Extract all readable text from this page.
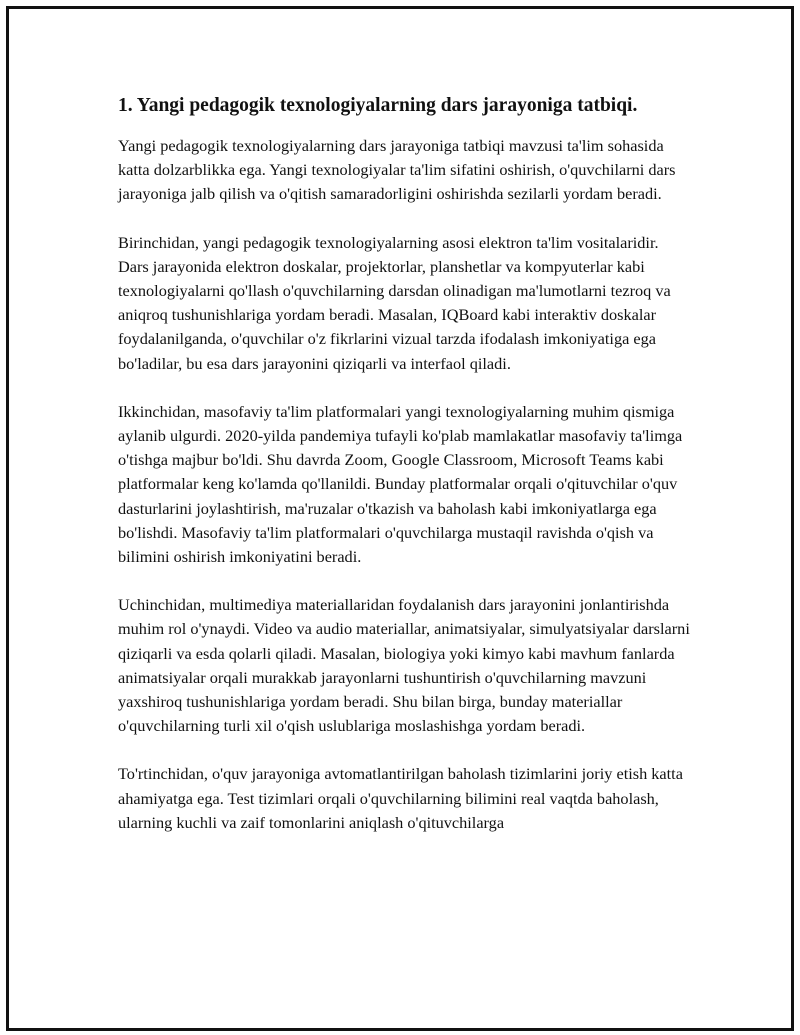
1. Yangi pedagogik texnologiyalarning dars jarayoniga tatbiqi.

Yangi pedagogik texnologiyalarning dars jarayoniga tatbiqi mavzusi ta'lim sohasida katta dolzarblikka ega. Yangi texnologiyalar ta'lim sifatini oshirish, o'quvchilarni dars jarayoniga jalb qilish va o'qitish samaradorligini oshirishda sezilarli yordam beradi.

Birinchidan, yangi pedagogik texnologiyalarning asosi elektron ta'lim vositalaridir. Dars jarayonida elektron doskalar, projektorlar, planshetlar va kompyuterlar kabi texnologiyalarni qo'llash o'quvchilarning darsdan olinadigan ma'lumotlarni tezroq va aniqroq tushunishlariga yordam beradi. Masalan, IQBoard kabi interaktiv doskalar foydalanilganda, o'quvchilar o'z fikrlarini vizual tarzda ifodalash imkoniyatiga ega bo'ladilar, bu esa dars jarayonini qiziqarli va interfaol qiladi.

Ikkinchidan, masofaviy ta'lim platformalari yangi texnologiyalarning muhim qismiga aylanib ulgurdi. 2020-yilda pandemiya tufayli ko'plab mamlakatlar masofaviy ta'limga o'tishga majbur bo'ldi. Shu davrda Zoom, Google Classroom, Microsoft Teams kabi platformalar keng ko'lamda qo'llanildi. Bunday platformalar orqali o'qituvchilar o'quv dasturlarini joylashtirish, ma'ruzalar o'tkazish va baholash kabi imkoniyatlarga ega bo'lishdi. Masofaviy ta'lim platformalari o'quvchilarga mustaqil ravishda o'qish va bilimini oshirish imkoniyatini beradi.

Uchinchidan, multimediya materiallaridan foydalanish dars jarayonini jonlantirishda muhim rol o'ynaydi. Video va audio materiallar, animatsiyalar, simulyatsiyalar darslarni qiziqarli va esda qolarli qiladi. Masalan, biologiya yoki kimyo kabi mavhum fanlarda animatsiyalar orqali murakkab jarayonlarni tushuntirish o'quvchilarning mavzuni yaxshiroq tushunishlariga yordam beradi. Shu bilan birga, bunday materiallar o'quvchilarning turli xil o'qish uslublariga moslashishga yordam beradi.

To'rtinchidan, o'quv jarayoniga avtomatlantirilgan baholash tizimlarini joriy etish katta ahamiyatga ega. Test tizimlari orqali o'quvchilarning bilimini real vaqtda baholash, ularning kuchli va zaif tomonlarini aniqlash o'qituvchilarga
